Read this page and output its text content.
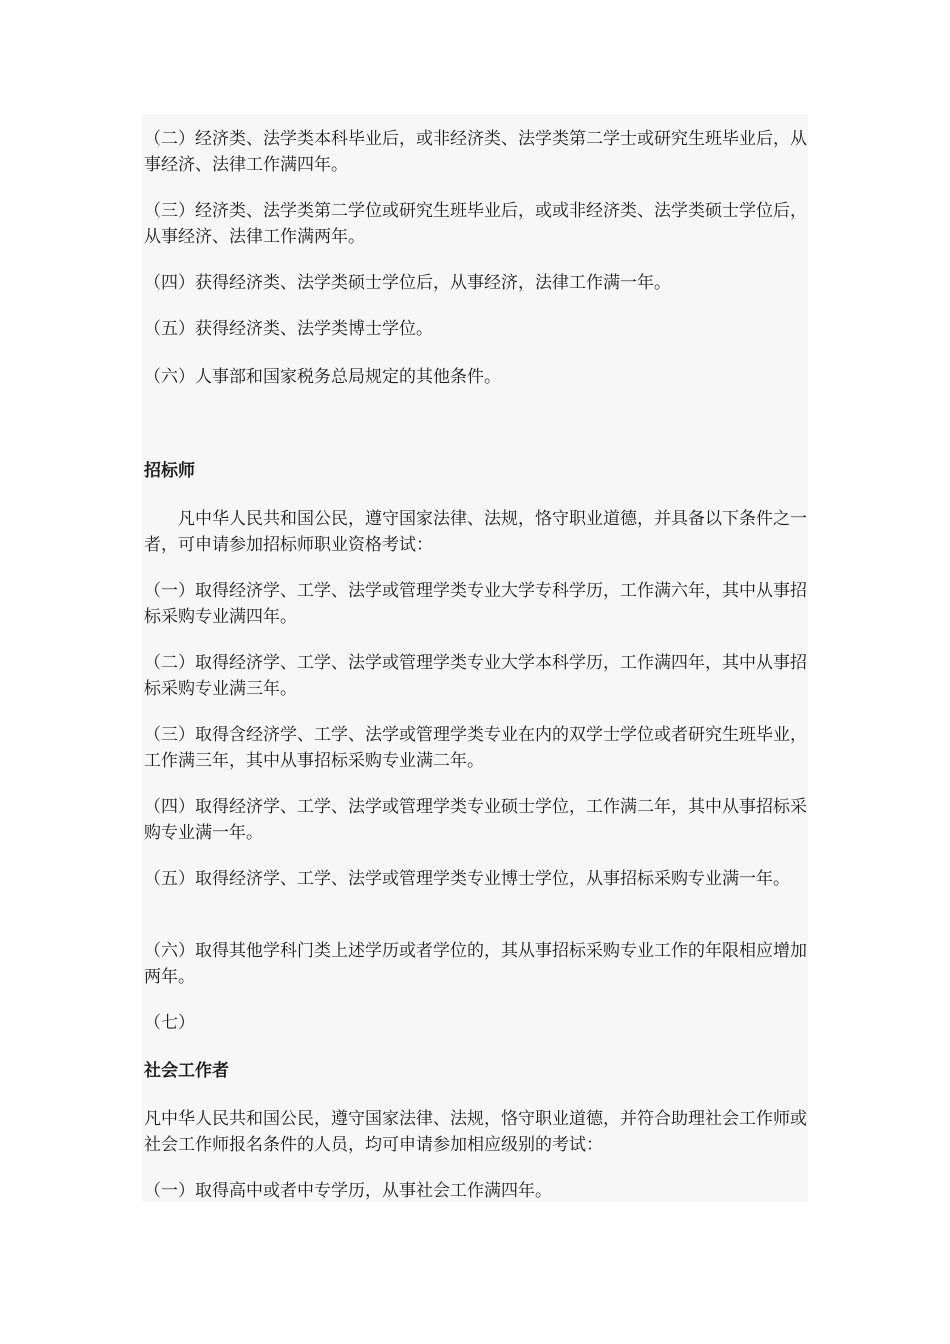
（二）经济类、法学类本科毕业后，或非经济类、法学类第二学士或研究生班毕业后，从事经济、法律工作满四年。

（三）经济类、法学类第二学位或研究生班毕业后，或或非经济类、法学类硕士学位后，从事经济、法律工作满两年。

（四）获得经济类、法学类硕士学位后，从事经济，法律工作满一年。

（五）获得经济类、法学类博士学位。

（六）人事部和国家税务总局规定的其他条件。

招标师

凡中华人民共和国公民，遵守国家法律、法规，恪守职业道德，并具备以下条件之一者，可申请参加招标师职业资格考试：

（一）取得经济学、工学、法学或管理学类专业大学专科学历，工作满六年，其中从事招标采购专业满四年。

（二）取得经济学、工学、法学或管理学类专业大学本科学历，工作满四年，其中从事招标采购专业满三年。

（三）取得含经济学、工学、法学或管理学类专业在内的双学士学位或者研究生班毕业，工作满三年，其中从事招标采购专业满二年。

（四）取得经济学、工学、法学或管理学类专业硕士学位，工作满二年，其中从事招标采购专业满一年。

（五）取得经济学、工学、法学或管理学类专业博士学位，从事招标采购专业满一年。

（六）取得其他学科门类上述学历或者学位的，其从事招标采购专业工作的年限相应增加两年。

（七）

社会工作者

凡中华人民共和国公民，遵守国家法律、法规，恪守职业道德，并符合助理社会工作师或社会工作师报名条件的人员，均可申请参加相应级别的考试：

（一）取得高中或者中专学历，从事社会工作满四年。
